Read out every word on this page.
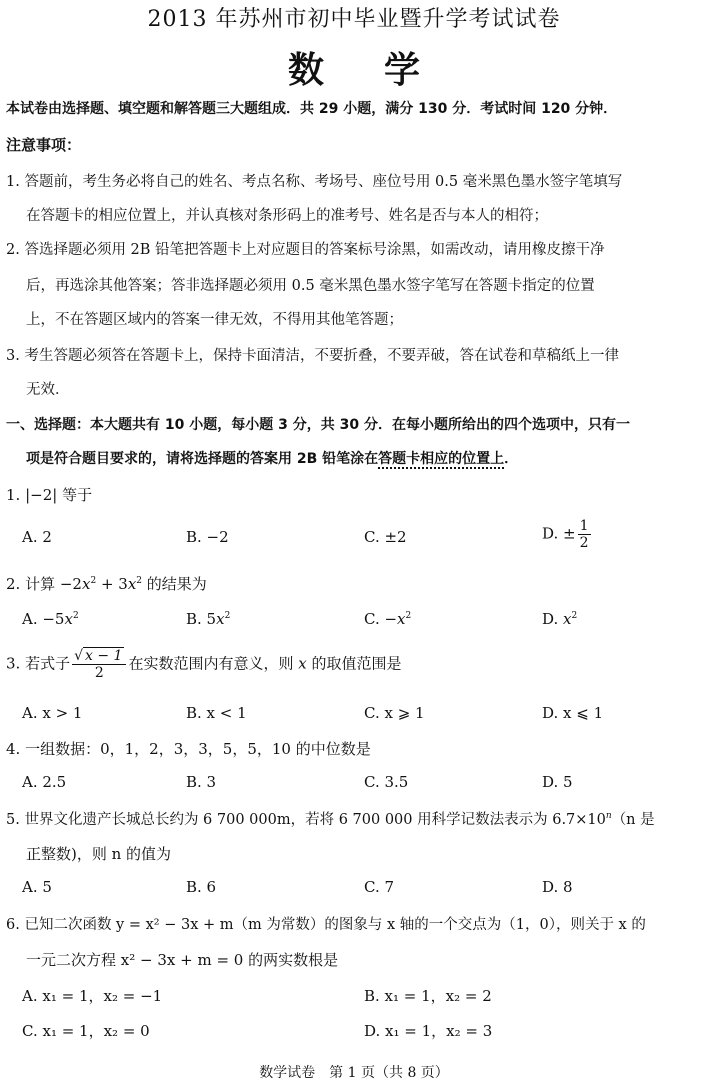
2013 年苏州市初中毕业暨升学考试试卷
数学
本试卷由选择题、填空题和解答题三大题组成．共 29 小题，满分 130 分．考试时间 120 分钟．
注意事项：
1. 答题前，考生务必将自己的姓名、考点名称、考场号、座位号用 0.5 毫米黑色墨水签字笔填写
在答题卡的相应位置上，并认真核对条形码上的准考号、姓名是否与本人的相符；
2. 答选择题必须用 2B 铅笔把答题卡上对应题目的答案标号涂黑，如需改动，请用橡皮擦干净
后，再选涂其他答案；答非选择题必须用 0.5 毫米黑色墨水签字笔写在答题卡指定的位置
上，不在答题区域内的答案一律无效，不得用其他笔答题；
3. 考生答题必须答在答题卡上，保持卡面清洁，不要折叠，不要弄破，答在试卷和草稿纸上一律
无效．
一、选择题：本大题共有 10 小题，每小题 3 分，共 30 分．在每小题所给出的四个选项中，只有一
项是符合题目要求的，请将选择题的答案用 2B 铅笔涂在答题卡相应的位置上．
1. |−2| 等于
A. 2	B. −2	C. ±2	D. ± $\frac{1}{2}$
2. 计算 $-2x^2 + 3x^2$ 的结果为
A. $-5x^2$	B. $5x^2$	C. $-x^2$	D. $x^2$
3. 若式子 $\frac{√ x - 1}{2}$ 在实数范围内有意义，则 x 的取值范围是
A. x > 1	B. x < 1	C. x ⩾ 1	D. x ⩽ 1
4. 一组数据：0，1，2，3，3，5，5，10 的中位数是
A. 2.5	B. 3	C. 3.5	D. 5
5. 世界文化遗产长城总长约为 6 700 000m，若将 6 700 000 用科学记数法表示为 $6.7\times 10^n(n$ 是
正整数)，则 n 的值为
A. 5	B. 6	C. 7	D. 8
6. 已知二次函数 y = x² − 3x + m（m 为常数）的图象与 x 轴的一个交点为（1，0），则关于 x 的
一元二次方程 x² − 3x + m = 0 的两实数根是
A. x₁ = 1，x₂ = −1	B. x₁ = 1，x₂ = 2
C. x₁ = 1，x₂ = 0	D. x₁ = 1，x₂ = 3
数学试卷　第 1 页（共 8 页）
